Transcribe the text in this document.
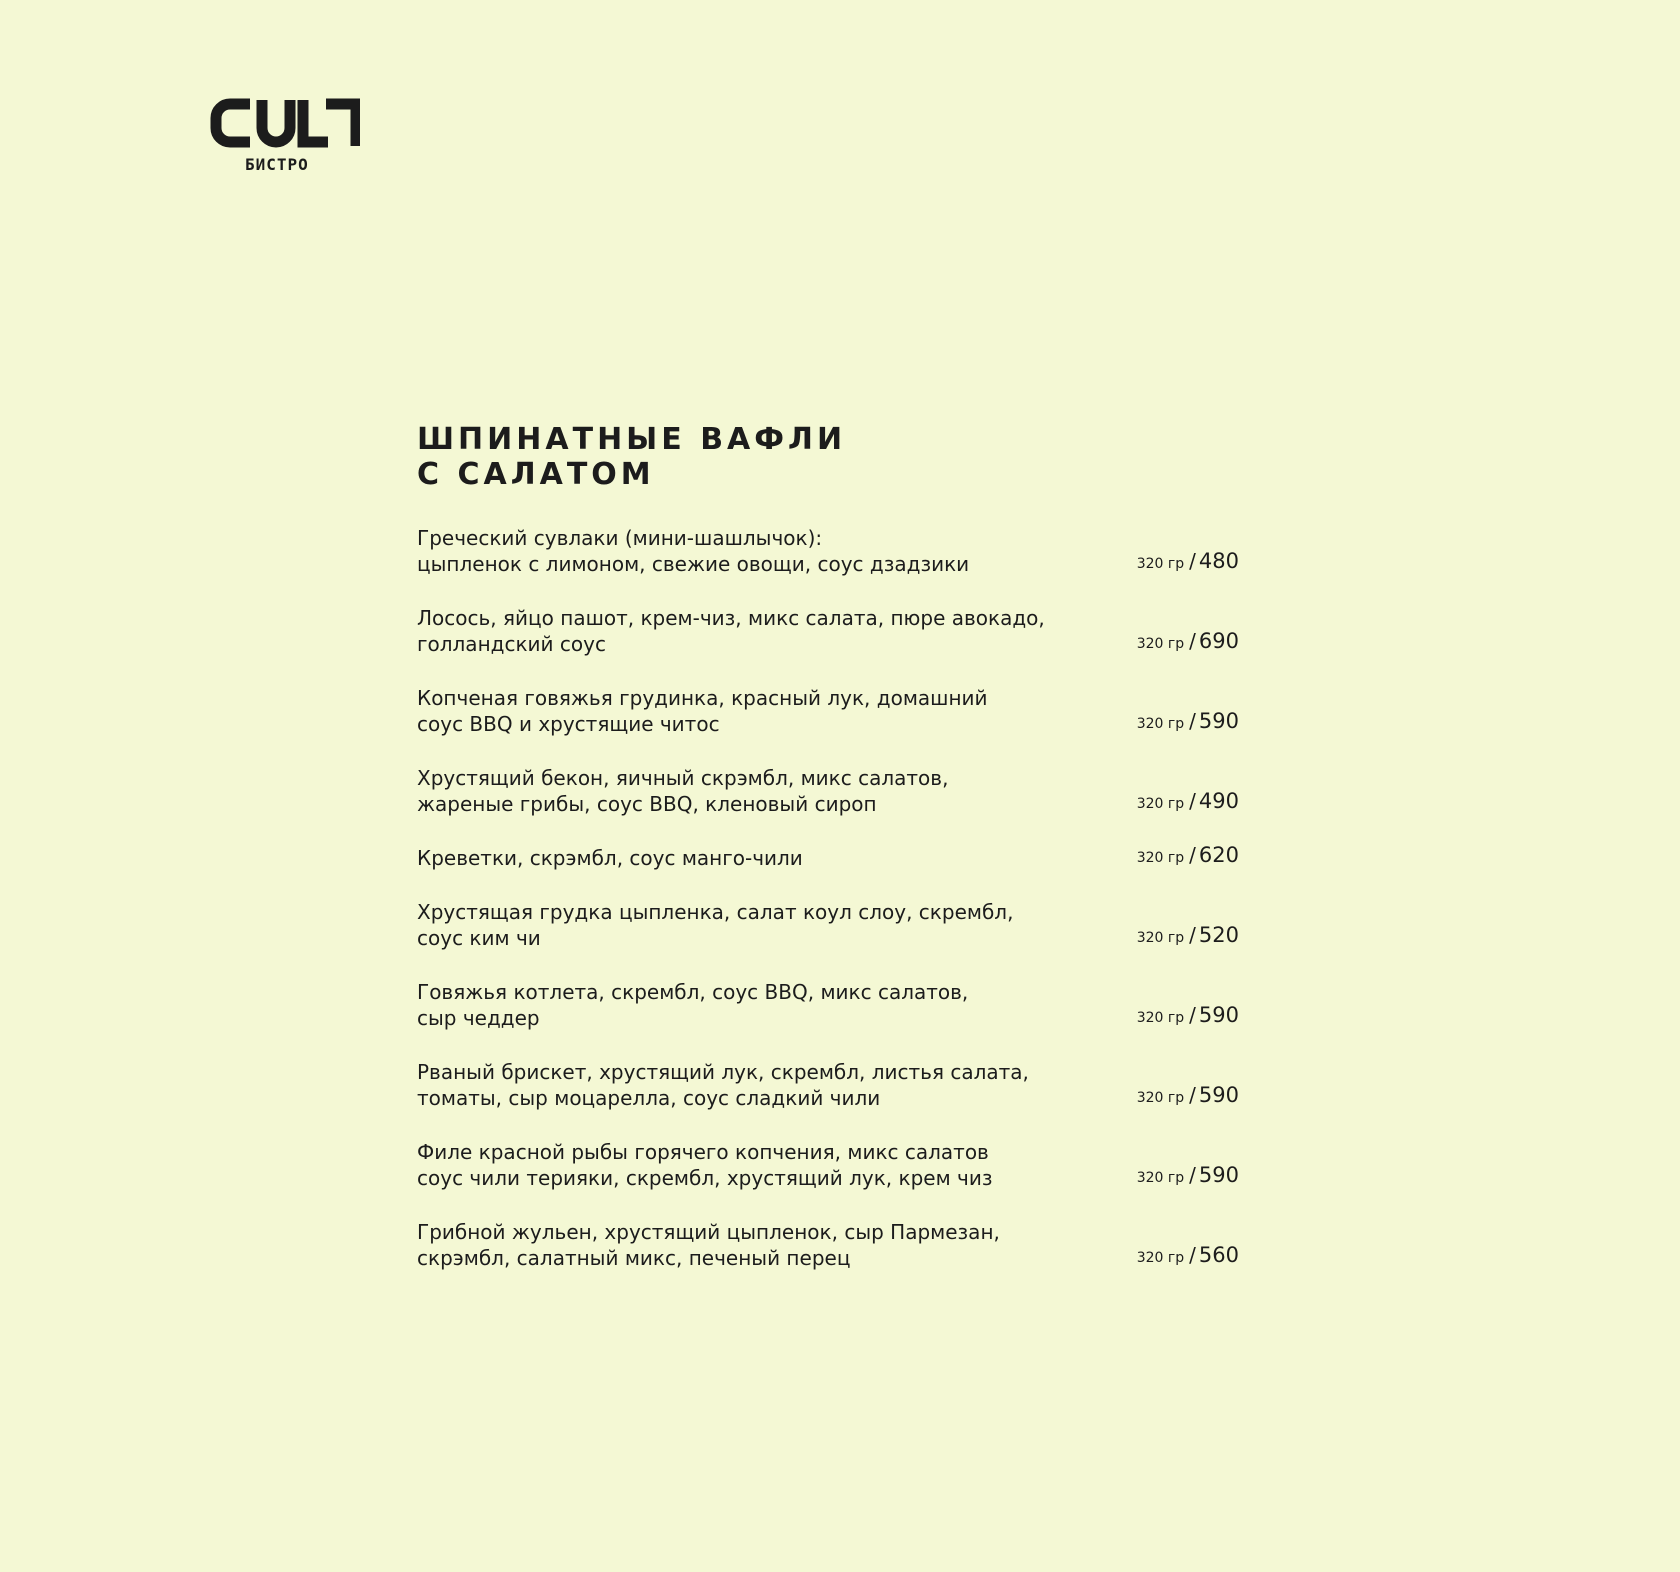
БИСТРО
ШПИНАТНЫЕ ВАФЛИ
С САЛАТОМ
Греческий сувлаки (мини-шашлычок):
цыпленок с лимоном, свежие овощи, соус дзадзики	320 гр / 480
Лосось, яйцо пашот, крем-чиз, микс салата, пюре авокадо,
голландский соус	320 гр / 690
Копченая говяжья грудинка, красный лук, домашний
соус BBQ и хрустящие читос	320 гр / 590
Хрустящий бекон, яичный скрэмбл, микс салатов,
жареные грибы, соус BBQ, кленовый сироп	320 гр / 490
Креветки, скрэмбл, соус манго-чили	320 гр / 620
Хрустящая грудка цыпленка, салат коул слоу, скрембл,
соус ким чи	320 гр / 520
Говяжья котлета, скрембл, соус BBQ, микс салатов,
сыр чеддер	320 гр / 590
Рваный брискет, хрустящий лук, скрембл, листья салата,
томаты, сыр моцарелла, соус сладкий чили	320 гр / 590
Филе красной рыбы горячего копчения, микс салатов
соус чили терияки, скрембл, хрустящий лук, крем чиз	320 гр / 590
Грибной жульен, хрустящий цыпленок, сыр Пармезан,
скрэмбл, салатный микс, печеный перец	320 гр / 560
